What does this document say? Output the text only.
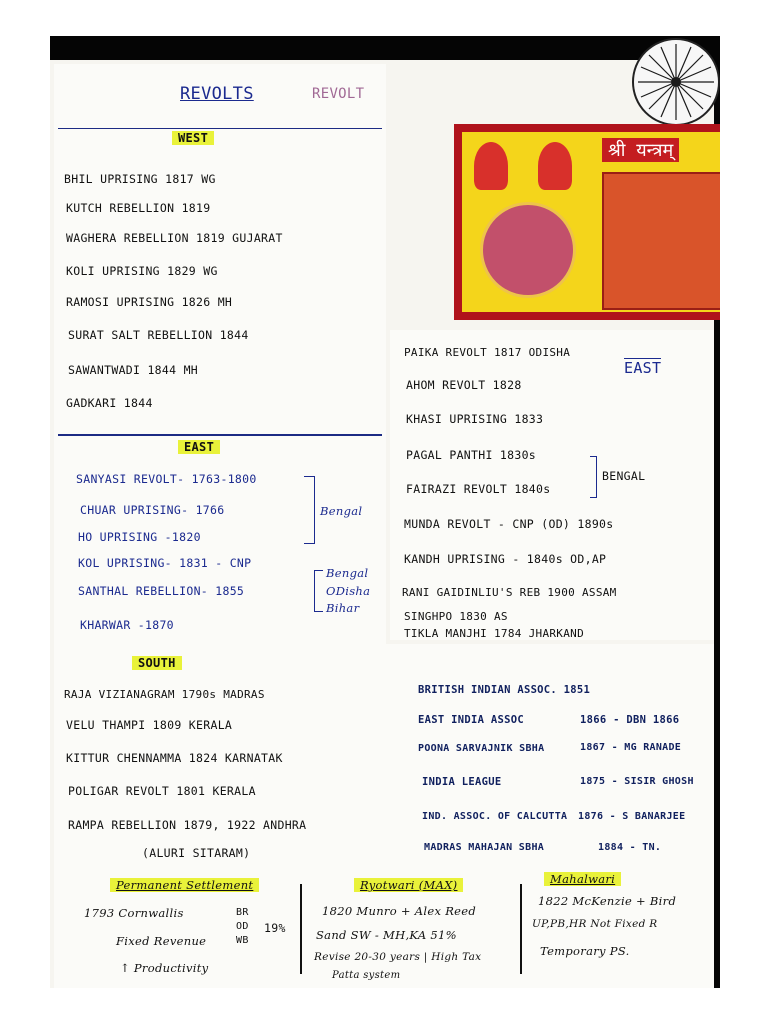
श्री यन्त्रम्
REVOLTS	REVOLT
WEST
BHIL UPRISING 1817 WG
KUTCH REBELLION 1819
WAGHERA REBELLION 1819 GUJARAT
KOLI UPRISING 1829 WG
RAMOSI UPRISING 1826 MH
SURAT SALT REBELLION 1844
SAWANTWADI 1844 MH
GADKARI 1844
EAST
SANYASI REVOLT- 1763-1800
CHUAR UPRISING- 1766
HO UPRISING -1820
KOL UPRISING- 1831 - CNP
SANTHAL REBELLION- 1855
KHARWAR -1870
Bengal
Bengal
ODisha
Bihar
PAIKA REVOLT 1817 ODISHA
EAST
AHOM REVOLT 1828
KHASI UPRISING 1833
PAGAL PANTHI 1830s
FAIRAZI REVOLT 1840s
BENGAL
MUNDA REVOLT - CNP (OD) 1890s
KANDH UPRISING - 1840s OD,AP
RANI GAIDINLIU'S REB 1900 ASSAM
SINGHPO 1830 AS
TIKLA MANJHI 1784 JHARKAND
SOUTH
RAJA VIZIANAGRAM 1790s MADRAS
VELU THAMPI 1809 KERALA
KITTUR CHENNAMMA 1824 KARNATAK
POLIGAR REVOLT 1801 KERALA
RAMPA REBELLION 1879, 1922 ANDHRA
(ALURI SITARAM)
BRITISH INDIAN ASSOC. 1851
EAST INDIA ASSOC	1866 - DBN 1866
POONA SARVAJNIK SBHA	1867 - MG RANADE
INDIA LEAGUE	1875 - SISIR GHOSH
IND. ASSOC. OF CALCUTTA 1876 - S BANARJEE
MADRAS MAHAJAN SBHA	1884 - TN.
Permanent Settlement
1793 Cornwallis
Fixed Revenue
↑ Productivity
BR
OD
WB
19%
Ryotwari (MAX)
1820 Munro + Alex Reed
Sand SW - MH,KA 51%
Revise 20-30 years | High Tax
Patta system
Mahalwari
1822 McKenzie + Bird
UP,PB,HR Not Fixed R
Temporary PS.
